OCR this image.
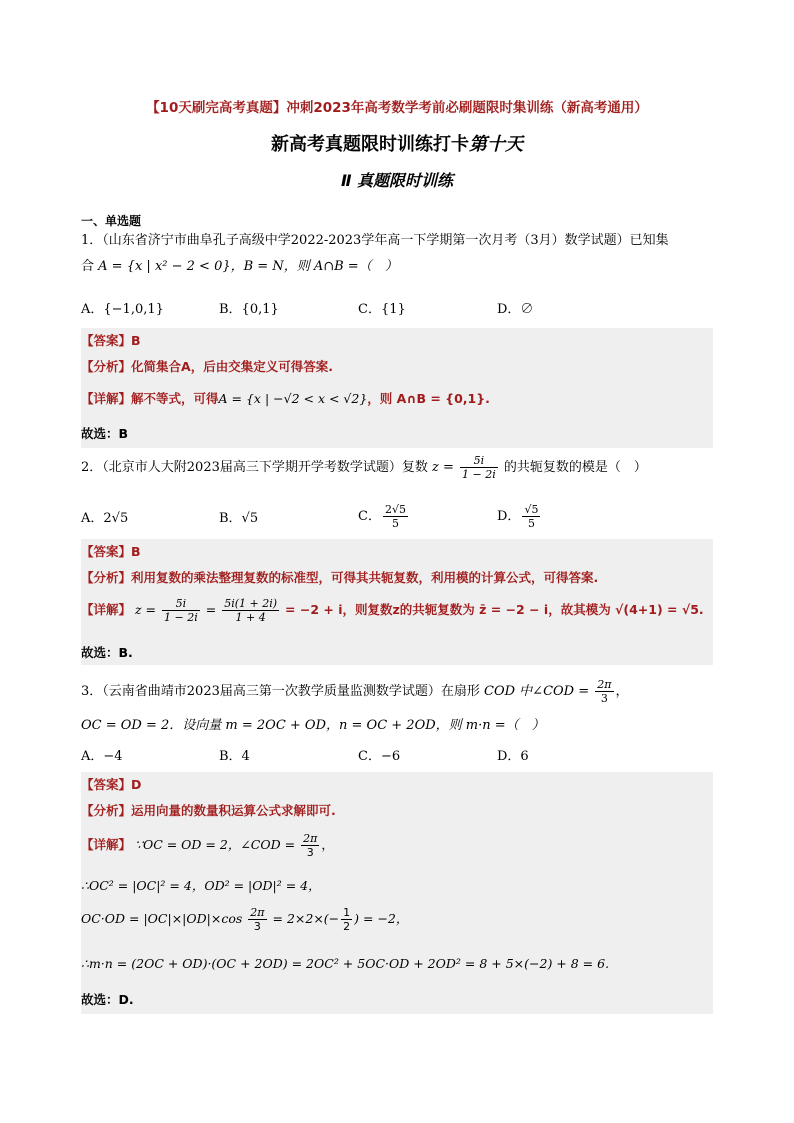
【10天刷完高考真题】冲刺2023年高考数学考前必刷题限时集训练（新高考通用）
新高考真题限时训练打卡第十天
Ⅱ 真题限时训练
一、单选题
1．（山东省济宁市曲阜孔子高级中学2022-2023学年高一下学期第一次月考（3月）数学试题）已知集
合 A = {x | x² − 2 < 0}，B = N，则 A∩B =（　）
A．{−1,0,1}	B．{0,1}	C．{1}	D．∅
【答案】B
【分析】化简集合A，后由交集定义可得答案.
【详解】解不等式，可得A = {x | −√2 < x < √2}，则 A∩B = {0,1}.
故选：B
2．（北京市人大附2023届高三下学期开学考数学试题）复数 $z = \frac{5i}{1 - 2i}$ 的共轭复数的模是（　）
A．2√5	B．√5	C． $\frac{2√5}{5}$	D． $\frac{√5}{5}$
【答案】B
【分析】利用复数的乘法整理复数的标准型，可得其共轭复数，利用模的计算公式，可得答案.
【详解】 $z = \frac{5i}{1 - 2i} = \frac{5i(1 + 2i)}{1 + 4} = -2 + i$，则复数z的共轭复数为 z̄ = −2 − i，故其模为 √(4+1) = √5.
故选：B.
3．（云南省曲靖市2023届高三第一次教学质量监测数学试题）在扇形 COD 中∠COD = $\frac{2\pi}{3}$ ，
OC = OD = 2．设向量 m = 2OC + OD，n = OC + 2OD，则 m·n =（　）
A．−4	B．4	C．−6	D．6
【答案】D
【分析】运用向量的数量积运算公式求解即可.
【详解】 ∵OC = OD = 2，∠COD = $\frac{2\pi}{3}$ ，
∴OC² = |OC|² = 4，OD² = |OD|² = 4，
$OC\cdot OD = |OC|\times|OD|\times\cos \frac{2\pi}{3} = 2\times 2\times(- \frac{1}{2}$ ) = −2，
∴m·n = (2OC + OD)·(OC + 2OD) = 2OC² + 5OC·OD + 2OD² = 8 + 5×(−2) + 8 = 6.
故选：D.
